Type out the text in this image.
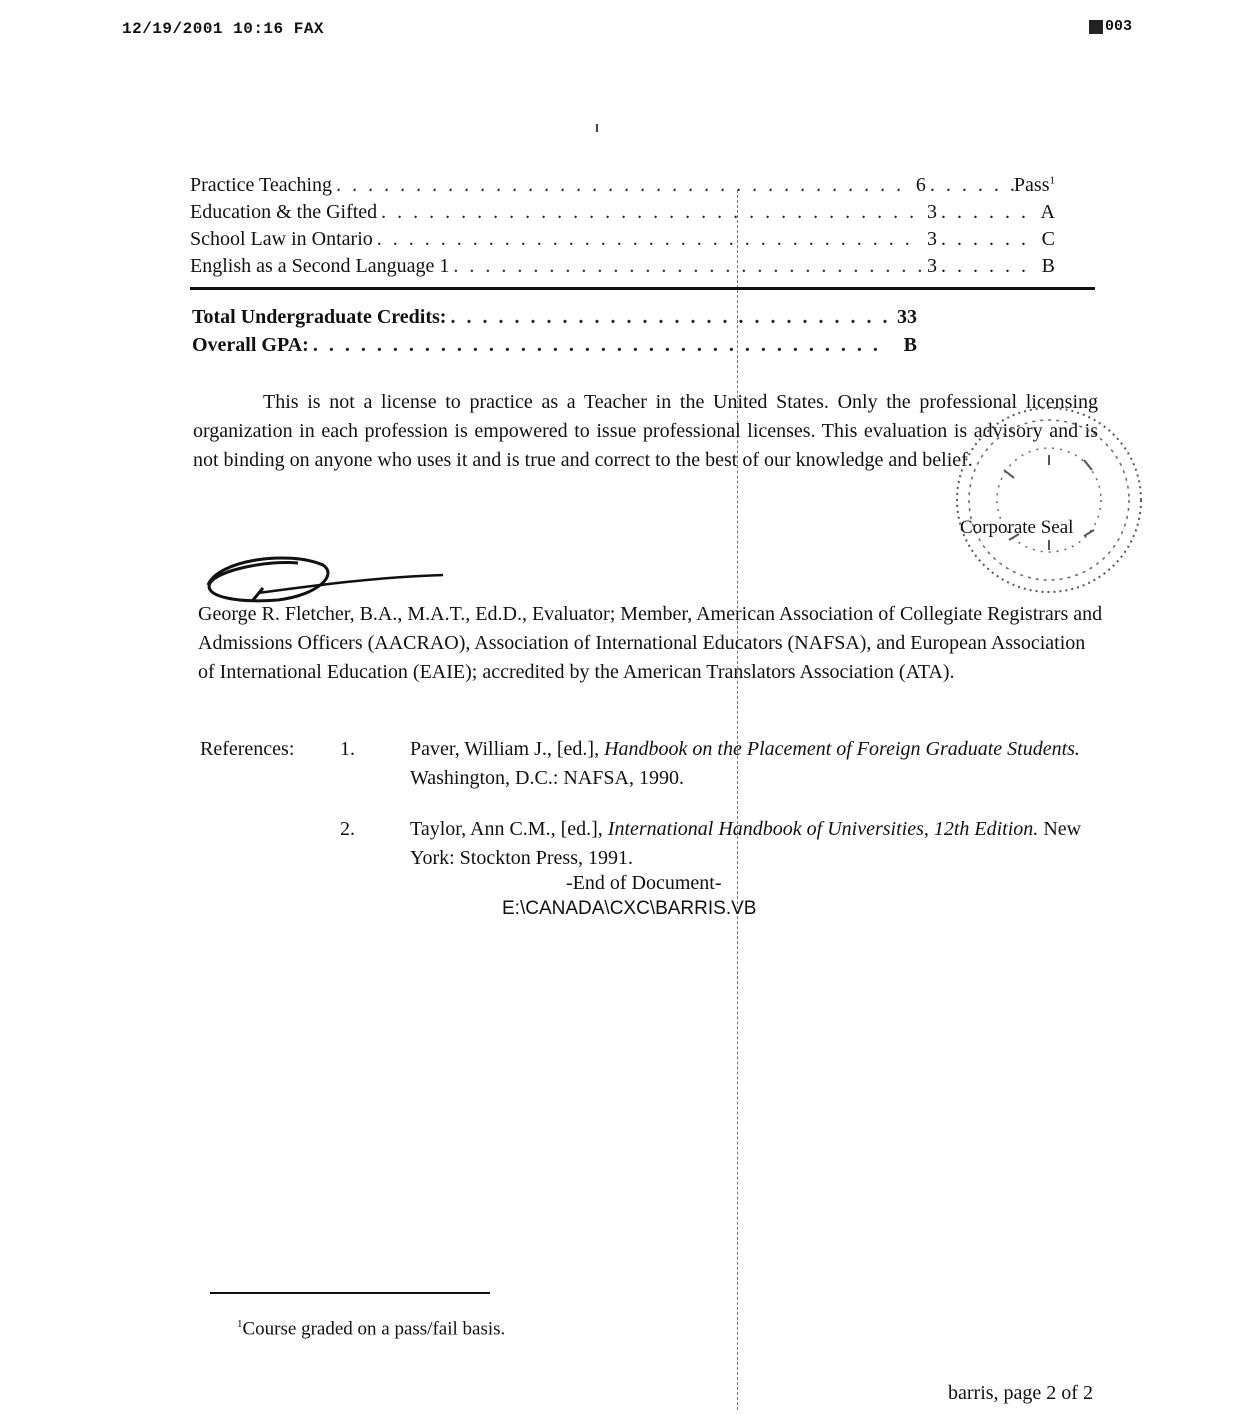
12/19/2001 10:16 FAX	003
Practice Teaching . . .	6 . . .	Pass$^1$
Education & the Gifted . . .	3 . . .	A
School Law in Ontario . . .	3 . . .	C
English as a Second Language 1 . . .	3 . . .	B
Total Undergraduate Credits: . . .	33
Overall GPA: . . .	B

This is not a license to practice as a Teacher in the United States. Only the professional licensing organization in each profession is empowered to issue professional licenses. This evaluation is advisory and is not binding on anyone who uses it and is true and correct to the best of our knowledge and belief.

Corporate Seal

George R. Fletcher, B.A., M.A.T., Ed.D., Evaluator; Member, American Association of Collegiate Registrars and Admissions Officers (AACRAO), Association of International Educators (NAFSA), and European Association of International Education (EAIE); accredited by the American Translators Association (ATA).

References:	1.	Paver, William J., [ed.], Handbook on the Placement of Foreign Graduate Students. Washington, D.C.: NAFSA, 1990.
2.	Taylor, Ann C.M., [ed.], International Handbook of Universities, 12th Edition. New York: Stockton Press, 1991.
-End of Document-
E:\CANADA\CXC\BARRIS.VB
$^1$Course graded on a pass/fail basis.
barris, page 2 of 2
